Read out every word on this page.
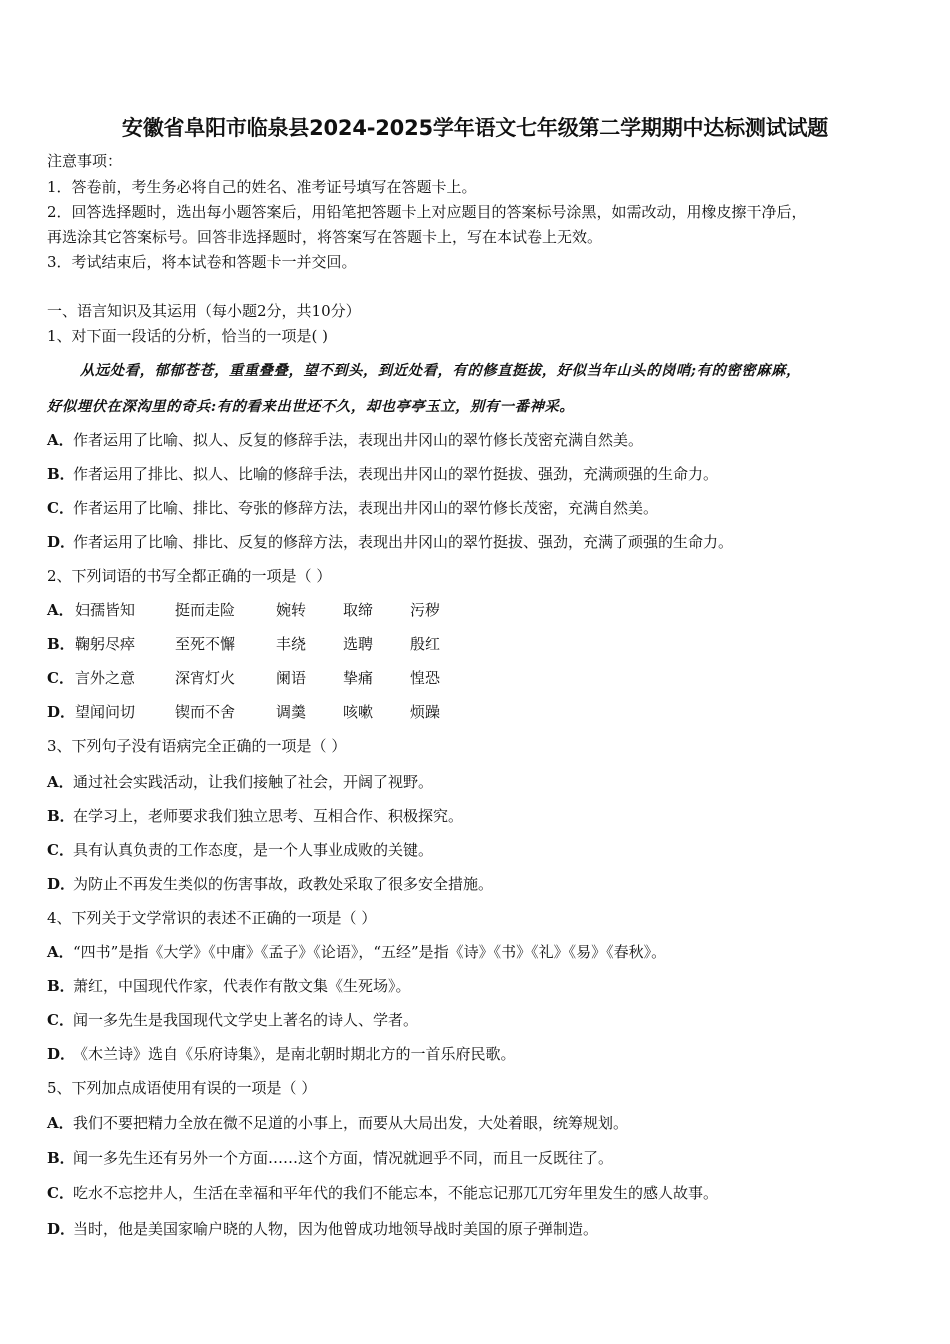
安徽省阜阳市临泉县2024-2025学年语文七年级第二学期期中达标测试试题
注意事项：
1．答卷前，考生务必将自己的姓名、准考证号填写在答题卡上。
2．回答选择题时，选出每小题答案后，用铅笔把答题卡上对应题目的答案标号涂黑，如需改动，用橡皮擦干净后，
再选涂其它答案标号。回答非选择题时，将答案写在答题卡上，写在本试卷上无效。
3．考试结束后，将本试卷和答题卡一并交回。
一、语言知识及其运用（每小题2分，共10分）
1、对下面一段话的分析，恰当的一项是( )
从远处看，郁郁苍苍，重重叠叠，望不到头，到近处看，有的修直挺拔，好似当年山头的岗哨;有的密密麻麻，
好似埋伏在深沟里的奇兵:有的看来出世还不久，却也亭亭玉立，别有一番神采。
A．作者运用了比喻、拟人、反复的修辞手法，表现出井冈山的翠竹修长茂密充满自然美。
B．作者运用了排比、拟人、比喻的修辞手法，表现出井冈山的翠竹挺拔、强劲，充满顽强的生命力。
C．作者运用了比喻、排比、夸张的修辞方法，表现出井冈山的翠竹修长茂密，充满自然美。
D．作者运用了比喻、排比、反复的修辞方法，表现出井冈山的翠竹挺拔、强劲，充满了顽强的生命力。
2、下列词语的书写全都正确的一项是（ ）
A． 妇孺皆知	挺而走险	婉转 取缔 污秽
B． 鞠躬尽瘁	至死不懈	丰绕 选聘 殷红
C． 言外之意	深宵灯火	阑语 挚痛 惶恐
D． 望闻问切	锲而不舍	调羹 咳嗽 烦躁
3、下列句子没有语病完全正确的一项是（ ）
A．通过社会实践活动，让我们接触了社会，开阔了视野。
B．在学习上，老师要求我们独立思考、互相合作、积极探究。
C．具有认真负责的工作态度，是一个人事业成败的关键。
D．为防止不再发生类似的伤害事故，政教处采取了很多安全措施。
4、下列关于文学常识的表述不正确的一项是（ ）
A．“四书”是指《大学》《中庸》《孟子》《论语》，“五经”是指《诗》《书》《礼》《易》《春秋》。
B．萧红，中国现代作家，代表作有散文集《生死场》。
C．闻一多先生是我国现代文学史上著名的诗人、学者。
D．《木兰诗》选自《乐府诗集》，是南北朝时期北方的一首乐府民歌。
5、下列加点成语使用有误的一项是（ ）
A．我们不要把精力全放在微不足道的小事上，而要从大局出发，大处着眼，统筹规划。
B．闻一多先生还有另外一个方面……这个方面，情况就迥乎不同，而且一反既往了。
C．吃水不忘挖井人，生活在幸福和平年代的我们不能忘本，不能忘记那兀兀穷年里发生的感人故事。
D．当时，他是美国家喻户晓的人物，因为他曾成功地领导战时美国的原子弹制造。
